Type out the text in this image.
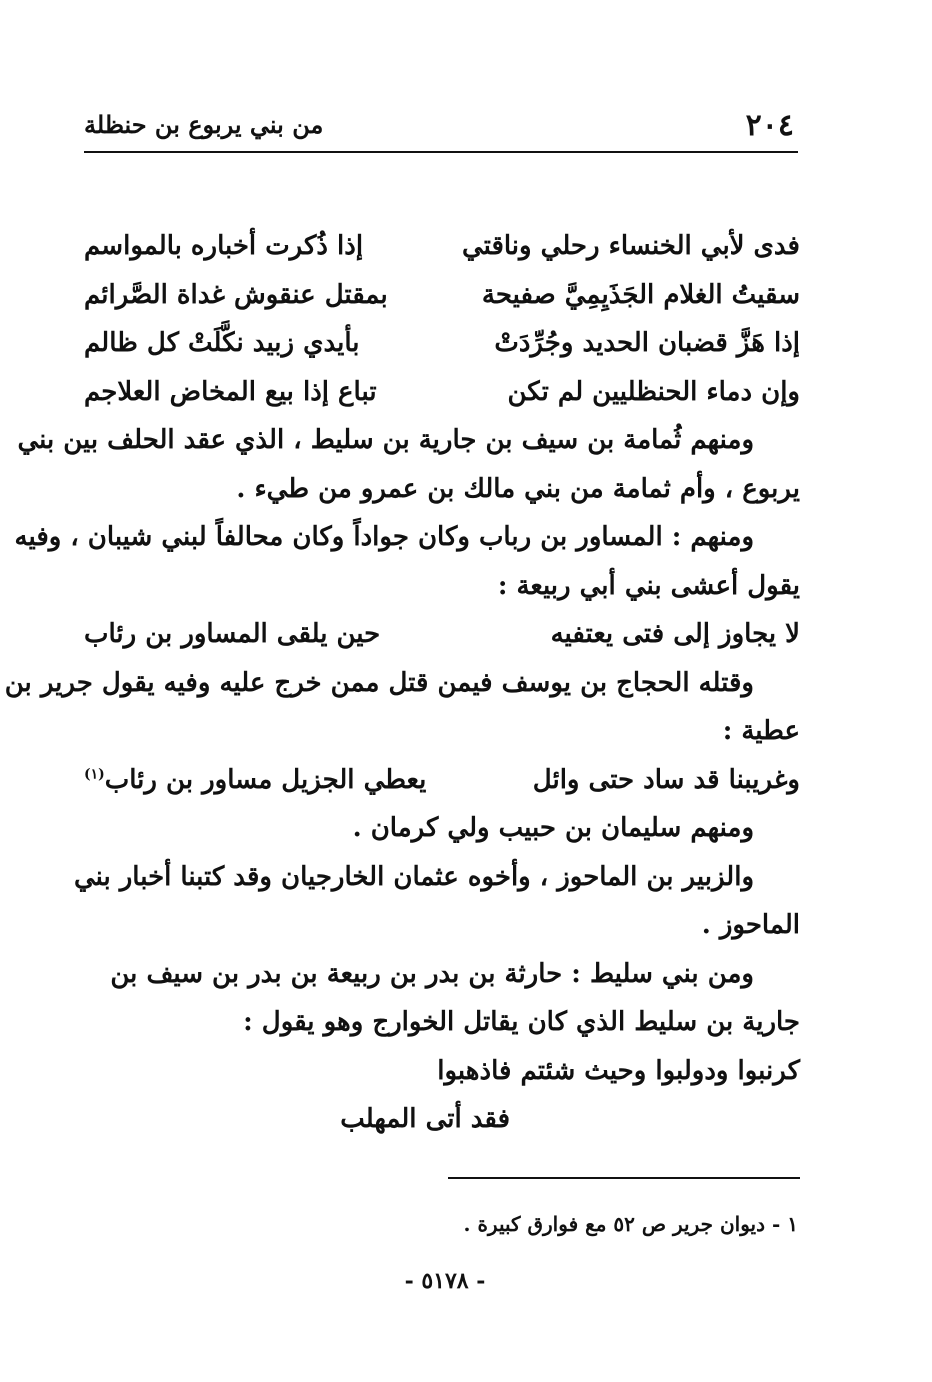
٢٠٤
من بني يربوع بن حنظلة
فدى لأبي الخنساء رحلي وناقتي
إذا ذُكرت أخباره بالمواسم
سقيتُ الغلام الجَذَيِمِيَّ صفيحة
بمقتل عنقوش غداة الصَّرائم
إذا هَزَّ قضبان الحديد وجُرِّدَتْ
بأيدي زبيد نكَّلَتْ كل ظالم
وإن دماء الحنظليين لم تكن
تباع إذا بيع المخاض العلاجم
ومنهم ثُمامة بن سيف بن جارية بن سليط ، الذي عقد الحلف بين بني
يربوع ، وأم ثمامة من بني مالك بن عمرو من طيء .
ومنهم : المساور بن رباب وكان جواداً وكان محالفاً لبني شيبان ، وفيه
يقول أعشى بني أبي ربيعة :
لا يجاوز إلى فتى يعتفيه
حين يلقى المساور بن رئاب
وقتله الحجاج بن يوسف فيمن قتل ممن خرج عليه وفيه يقول جرير بن
عطية :
وغريبنا قد ساد حتى وائل
يعطي الجزيل مساور بن رئاب$^{(١)}$
ومنهم سليمان بن حبيب ولي كرمان .
والزبير بن الماحوز ، وأخوه عثمان الخارجيان وقد كتبنا أخبار بني
الماحوز .
ومن بني سليط : حارثة بن بدر بن ربيعة بن بدر بن سيف بن
جارية بن سليط الذي كان يقاتل الخوارج وهو يقول :
كرنبوا ودولبوا وحيث شئتم فاذهبوا
فقد أتى المهلب
١ - ديوان جرير ص ٥٢ مع فوارق كبيرة .
- ٥١٧٨ -
